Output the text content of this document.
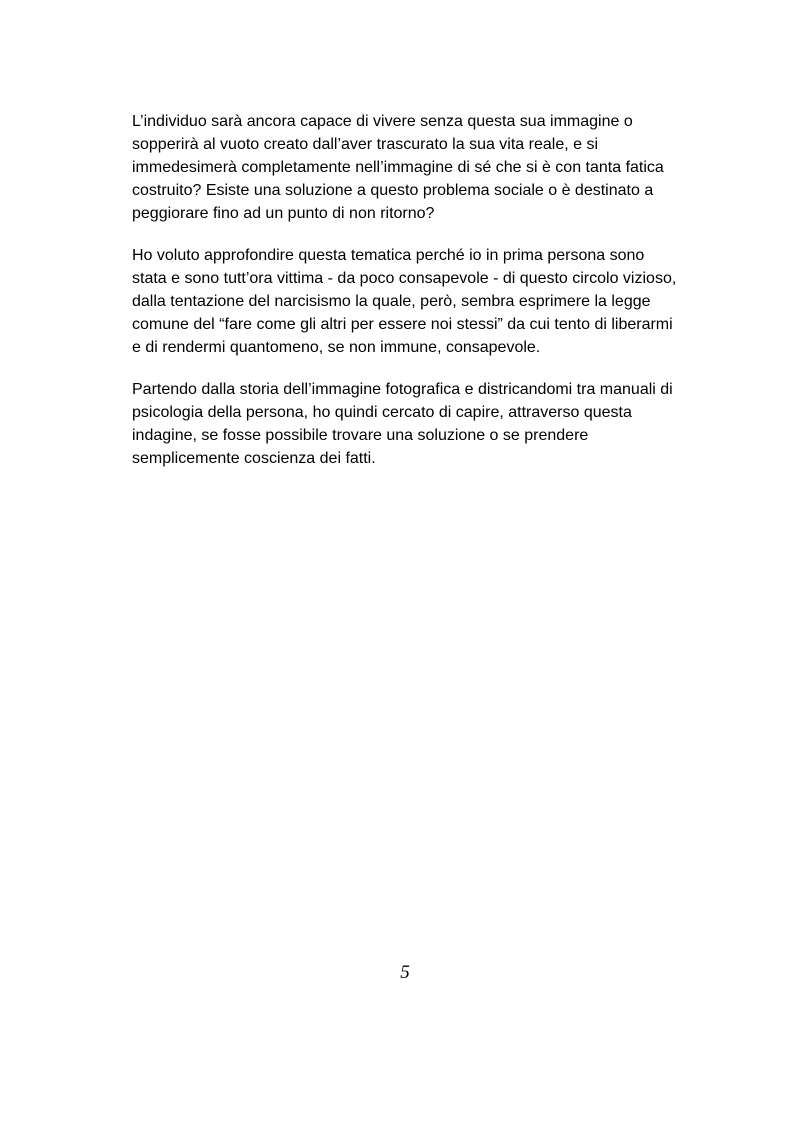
L’individuo sarà ancora capace di vivere senza questa sua immagine o
sopperirà al vuoto creato dall’aver trascurato la sua vita reale, e si
immedesimerà completamente nell’immagine di sé che si è con tanta fatica
costruito? Esiste una soluzione a questo problema sociale o è destinato a
peggiorare fino ad un punto di non ritorno?
Ho voluto approfondire questa tematica perché io in prima persona sono
stata e sono tutt’ora vittima - da poco consapevole - di questo circolo vizioso,
dalla tentazione del narcisismo la quale, però, sembra esprimere la legge
comune del “fare come gli altri per essere noi stessi” da cui tento di liberarmi
e di rendermi quantomeno, se non immune, consapevole.
Partendo dalla storia dell’immagine fotografica e districandomi tra manuali di
psicologia della persona, ho quindi cercato di capire, attraverso questa
indagine, se fosse possibile trovare una soluzione o se prendere
semplicemente coscienza dei fatti.
5
